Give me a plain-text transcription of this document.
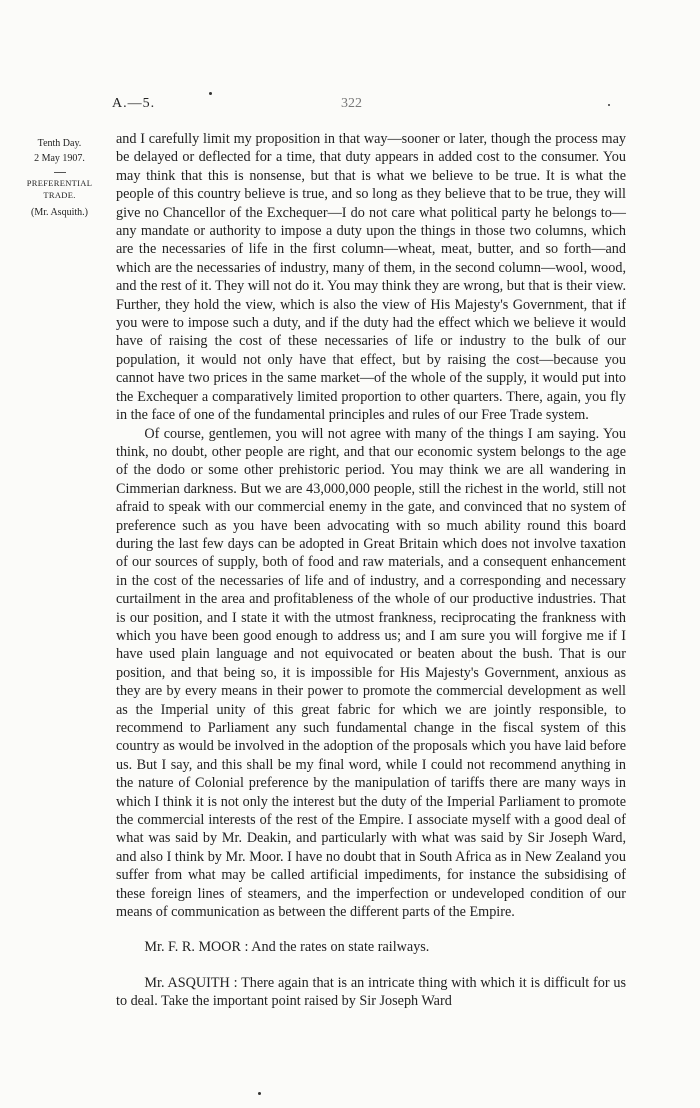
A.—5.	322
Tenth Day.
2 May 1907.
PREFERENTIAL
TRADE.
(Mr. Asquith.)

and I carefully limit my proposition in that way—sooner or later, though the process may be delayed or deflected for a time, that duty appears in added cost to the consumer. You may think that this is nonsense, but that is what we believe to be true. It is what the people of this country believe is true, and so long as they believe that to be true, they will give no Chancellor of the Exchequer—I do not care what political party he belongs to—any mandate or authority to impose a duty upon the things in those two columns, which are the necessaries of life in the first column—wheat, meat, butter, and so forth—and which are the necessaries of industry, many of them, in the second column—wool, wood, and the rest of it. They will not do it. You may think they are wrong, but that is their view. Further, they hold the view, which is also the view of His Majesty's Government, that if you were to impose such a duty, and if the duty had the effect which we believe it would have of raising the cost of these necessaries of life or industry to the bulk of our population, it would not only have that effect, but by raising the cost—because you cannot have two prices in the same market—of the whole of the supply, it would put into the Exchequer a comparatively limited proportion to other quarters. There, again, you fly in the face of one of the fundamental principles and rules of our Free Trade system.

Of course, gentlemen, you will not agree with many of the things I am saying. You think, no doubt, other people are right, and that our economic system belongs to the age of the dodo or some other prehistoric period. You may think we are all wandering in Cimmerian darkness. But we are 43,000,000 people, still the richest in the world, still not afraid to speak with our commercial enemy in the gate, and convinced that no system of preference such as you have been advocating with so much ability round this board during the last few days can be adopted in Great Britain which does not involve taxation of our sources of supply, both of food and raw materials, and a consequent enhancement in the cost of the necessaries of life and of industry, and a corresponding and necessary curtailment in the area and profitableness of the whole of our productive industries. That is our position, and I state it with the utmost frankness, reciprocating the frankness with which you have been good enough to address us; and I am sure you will forgive me if I have used plain language and not equivocated or beaten about the bush. That is our position, and that being so, it is impossible for His Majesty's Government, anxious as they are by every means in their power to promote the commercial development as well as the Imperial unity of this great fabric for which we are jointly responsible, to recommend to Parliament any such fundamental change in the fiscal system of this country as would be involved in the adoption of the proposals which you have laid before us. But I say, and this shall be my final word, while I could not recommend anything in the nature of Colonial preference by the manipulation of tariffs there are many ways in which I think it is not only the interest but the duty of the Imperial Parliament to promote the commercial interests of the rest of the Empire. I associate myself with a good deal of what was said by Mr. Deakin, and particularly with what was said by Sir Joseph Ward, and also I think by Mr. Moor. I have no doubt that in South Africa as in New Zealand you suffer from what may be called artificial impediments, for instance the subsidising of these foreign lines of steamers, and the imperfection or undeveloped condition of our means of communication as between the different parts of the Empire.

Mr. F. R. MOOR : And the rates on state railways.

Mr. ASQUITH : There again that is an intricate thing with which it is difficult for us to deal. Take the important point raised by Sir Joseph Ward
